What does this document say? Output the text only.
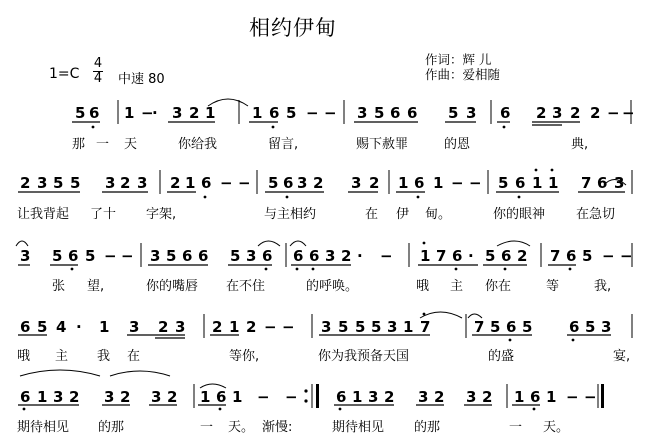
相约伊甸
1=C
4
4 中速 80
作词：辉 儿
作曲：爱相随
5 6 1 −
· 3 2 1 1 6 5 − − 3 5 6 6 5 3 6 2 3 2 2 − −
那 一 天	你给我	留言,	赐下赦罪	的恩	典,
2 3 5 5 3 2 3 2 1 6 − − 5 6 3 2 3 2 1 6 1 − − 5 6 1 1 7 6 3
让我背起 了十 字架,	与主相约	在 伊 甸。	你的眼神 在急切
3 5 6 5 − − 3 5 6 6 5 3 6 6 6 3 2 · − 1 7 6 · 5 6 2 7 6 5 − −
张 望,	你的嘴唇 在不住	的呼唤。	哦 主 你在	等	我,
6 5 4 · 1 3 2 3 2 1 2 − − 3 5 5 5 3 1 7	7 5 6 5 6 5 3
哦 主 我 在	等你,	你为我预备天国	的盛	宴,
6 1 3 2 3 2 3 2 1 6 1 − −	6 1 3 2 3 2 3 2 1 6 1 − −
期待相见 的那	一 天。 渐慢:	期待相见 的那	一 天。
